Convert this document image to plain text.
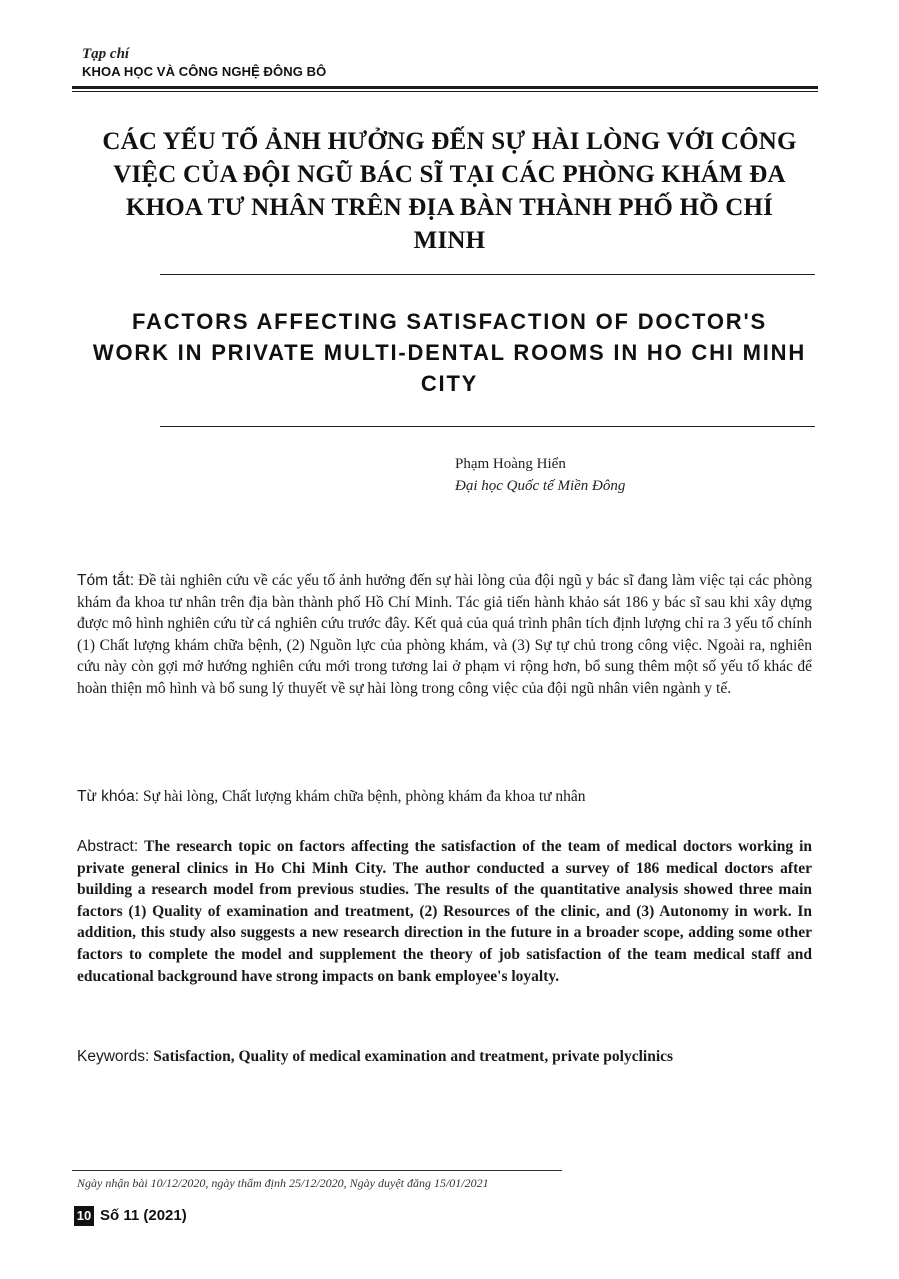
Tạp chí
KHOA HỌC VÀ CÔNG NGHỆ ĐÔNG BÔ
CÁC YẾU TỐ ẢNH HƯỞNG ĐẾN SỰ HÀI LÒNG VỚI CÔNG VIỆC CỦA ĐỘI NGŨ BÁC SĨ TẠI CÁC PHÒNG KHÁM ĐA KHOA TƯ NHÂN TRÊN ĐỊA BÀN THÀNH PHỐ HỒ CHÍ MINH
FACTORS AFFECTING SATISFACTION OF DOCTOR'S WORK IN PRIVATE MULTI-DENTAL ROOMS IN HO CHI MINH CITY
Phạm Hoàng Hiển
Đại học Quốc tế Miền Đông
Tóm tắt: Đề tài nghiên cứu về các yếu tố ảnh hưởng đến sự hài lòng của đội ngũ y bác sĩ đang làm việc tại các phòng khám đa khoa tư nhân trên địa bàn thành phố Hồ Chí Minh. Tác giả tiến hành khảo sát 186 y bác sĩ sau khi xây dựng được mô hình nghiên cứu từ cá nghiên cứu trước đây. Kết quả của quá trình phân tích định lượng chỉ ra 3 yếu tố chính (1) Chất lượng khám chữa bệnh, (2) Nguồn lực của phòng khám, và (3) Sự tự chủ trong công việc. Ngoài ra, nghiên cứu này còn gợi mở hướng nghiên cứu mới trong tương lai ở phạm vi rộng hơn, bổ sung thêm một số yếu tố khác để hoàn thiện mô hình và bổ sung lý thuyết về sự hài lòng trong công việc của đội ngũ nhân viên ngành y tế.
Từ khóa: Sự hài lòng, Chất lượng khám chữa bệnh, phòng khám đa khoa tư nhân
Abstract: The research topic on factors affecting the satisfaction of the team of medical doctors working in private general clinics in Ho Chi Minh City. The author conducted a survey of 186 medical doctors after building a research model from previous studies. The results of the quantitative analysis showed three main factors (1) Quality of examination and treatment, (2) Resources of the clinic, and (3) Autonomy in work. In addition, this study also suggests a new research direction in the future in a broader scope, adding some other factors to complete the model and supplement the theory of job satisfaction of the team medical staff and educational background have strong impacts on bank employee's loyalty.
Keywords: Satisfaction, Quality of medical examination and treatment, private polyclinics
Ngày nhận bài 10/12/2020, ngày thẩm định 25/12/2020, Ngày duyệt đăng 15/01/2021
10 Số 11 (2021)
